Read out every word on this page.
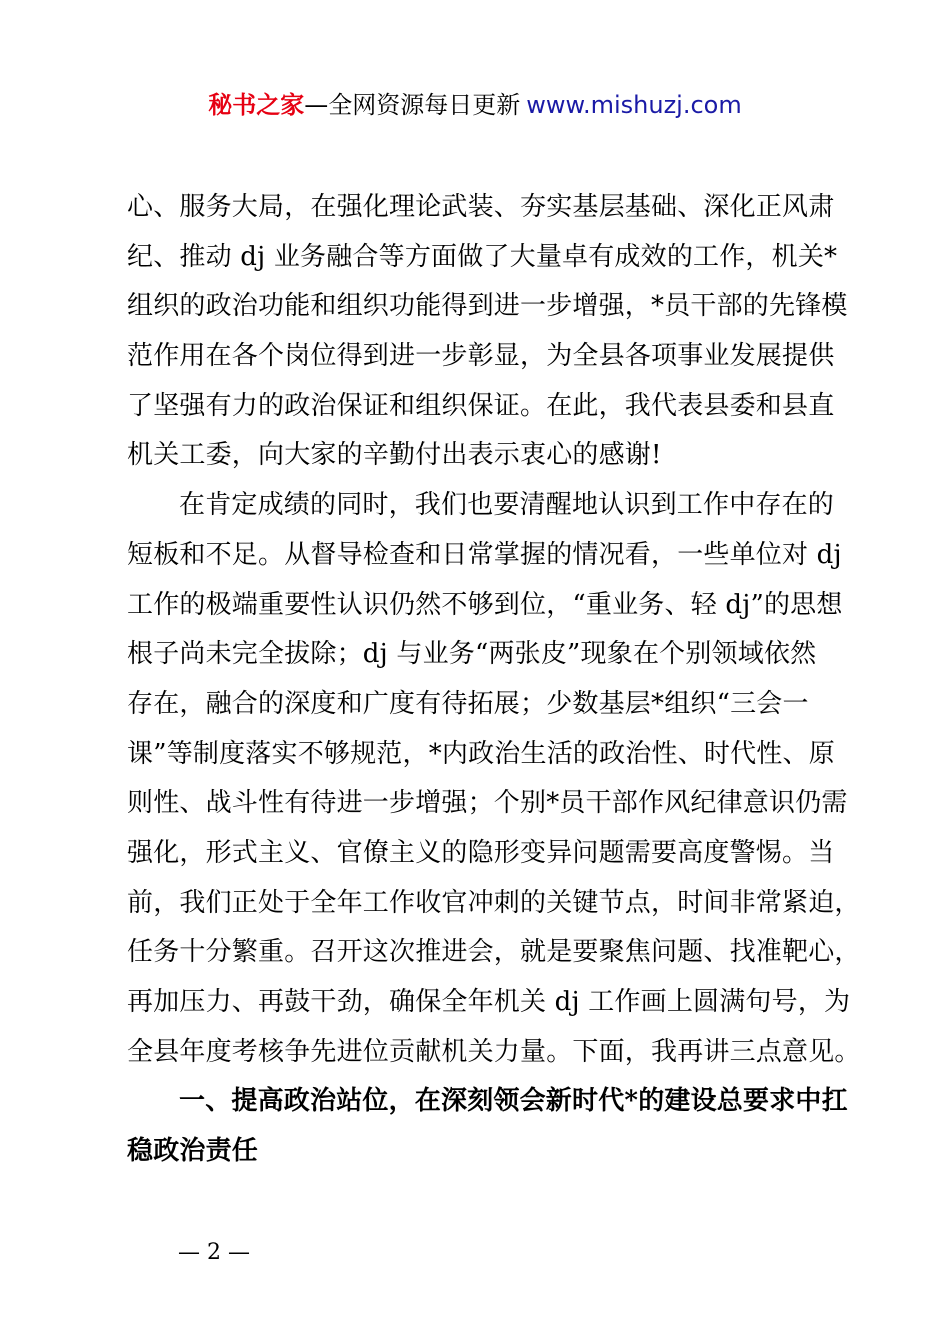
秘书之家—全网资源每日更新 www.mishuzj.com
心、服务大局，在强化理论武装、夯实基层基础、深化正风肃
纪、推动 dj 业务融合等方面做了大量卓有成效的工作，机关*
组织的政治功能和组织功能得到进一步增强，*员干部的先锋模
范作用在各个岗位得到进一步彰显，为全县各项事业发展提供
了坚强有力的政治保证和组织保证。在此，我代表县委和县直
机关工委，向大家的辛勤付出表示衷心的感谢!
在肯定成绩的同时，我们也要清醒地认识到工作中存在的
短板和不足。从督导检查和日常掌握的情况看，一些单位对 dj
工作的极端重要性认识仍然不够到位，“重业务、轻 dj”的思想
根子尚未完全拔除；dj 与业务“两张皮”现象在个别领域依然
存在，融合的深度和广度有待拓展；少数基层*组织“三会一
课”等制度落实不够规范，*内政治生活的政治性、时代性、原
则性、战斗性有待进一步增强；个别*员干部作风纪律意识仍需
强化，形式主义、官僚主义的隐形变异问题需要高度警惕。当
前，我们正处于全年工作收官冲刺的关键节点，时间非常紧迫，
任务十分繁重。召开这次推进会，就是要聚焦问题、找准靶心，
再加压力、再鼓干劲，确保全年机关 dj 工作画上圆满句号，为
全县年度考核争先进位贡献机关力量。下面，我再讲三点意见。
一、提高政治站位，在深刻领会新时代*的建设总要求中扛
稳政治责任
— 2 —
